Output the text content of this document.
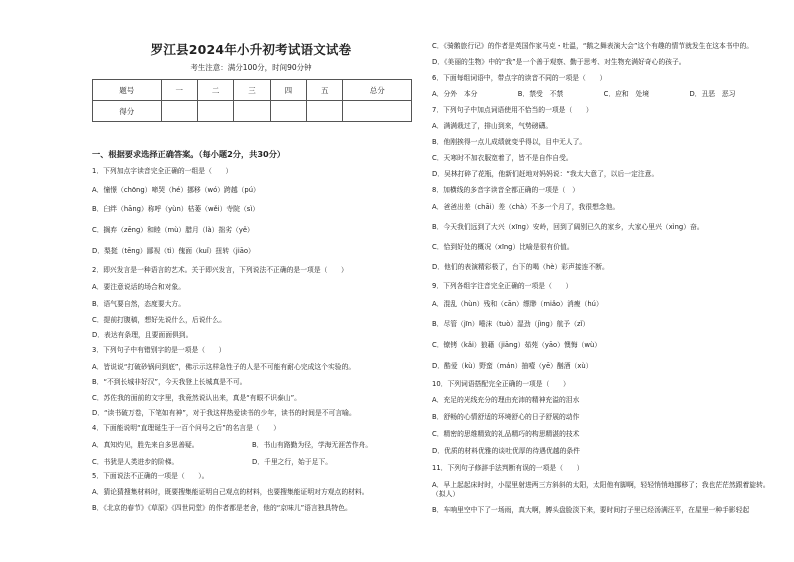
罗江县2024年小升初考试语文试卷
考生注意：满分100分，时间90分钟
题号	一	二	三	四	五	总分
得分						
一、根据要求选择正确答案。（每小题2分，共30分）
1．下列加点字读音完全正确的一组是（　　）
A．憧憬（chōng）啼哭（hé）挪移（wó）跨越（pú）
B．臼绊（hāng）称呼（yùn）枯萎（wěi）寺院（sì）
C．搁弃（zēng）和睦（mù）腊月（là）拙劣（yě）
D．梨挺（tēng）鄙视（tì）傀面（kuǐ）扭转（jiāo）
2．即兴发言是一种语言的艺术。关于即兴发言，下列说法不正确的是一项是（　　）
A．要注意说话的场合和对象。
B．语气要自然，态度要大方。
C．提前打腹稿，想好先说什么，后说什么。
D．表达有条理，且要面面俱到。
3．下列句子中有错别字的是一项是（　　）
A．皆说说“打破砂锅问到底”，佛示示这样急性子的人是不可能有耐心完成这个实验的。
B．“不到长城非好汉”，今天我登上长城真是不可。
C．苏佐我的面前的文字里，我竟然说认出来，真是“有眼不识泰山”。
D．“读书破万卷，下笔如有神”，对于我这样热爱读书的少年，读书的时间是不可言喻。
4．下面能说明“直理诞生于一百个问号之后”的名言是（　　）
A．真知灼见，胜先来自多思善疑。	B．书山有路勤为径，学海无涯苦作舟。
C．书犹是人类进步的阶梯。	D．千里之行，始于足下。
5．下面说法不正确的一项是（　　）。
A．猜论猜搜集材料时，既要搜集能证明自己观点的材料，也要搜集能证明对方观点的材料。
B．《北京的春节》《草原》《四世同堂》的作者都是老舍，他的“京味儿”语言独具特色。
C．《骑鹅旅行记》的作者是英国作家马克・吐温，“鹅之舞表演大会”这个有趣的情节就发生在这本书中的。
D．《美丽的生物》中的“我”是一个善于观察、勤于思考、对生物充满好奇心的孩子。
6．下面每组词语中，带点字的读音不同的一项是（　　）
A．分外　 本分	B．禁受　 不禁	C．应和　 处境	D．丑恶　 恶习
7．下列句子中加点词语使用不恰当的一项是（　　）
A．满满栽过了，排山到来，气势磅礴。
B．他刚挨得一点儿成绩就变乎得以，目中无人了。
C．天寒时不加衣服宽着了，皆不是自作自受。
D．吴林打碎了花瓶，他新们赶地对妈妈说：“我太大意了，以后一定注意。
8．加横线的多音字读音全都正确的一项是（　）
A．爸爸出差（chāi）差（chà）不多一个月了，我很想念他。
B．今天我们远到了大兴（xīng）安岭，回到了阔别已久的家乡，大家心里兴（xìng）奋。
C．恰到好处的概况（xīng）比喻是很有价值。
D．他们的表演精彩极了，台下的喝（hè）彩声接连不断。
9．下列各组字注音完全正确的一项是（　　）
A．混乱（hùn）残和（cān）缥缈（miǎo）消瘦（hú）
B．尽管（jīn）唾沫（tuò）湿劲（jìng）航予（zǐ）
C．镣铐（kǎi）狼藉（jiāng）茹苑（yāo）懊悔（wù）
D．酷爱（kù）野蛮（mán）抽噎（yē）酗酒（xù）
10．下列词语搭配完全正确的一项是（　　）
A．充足的光线充分的理由充沛的精神充溢的泪水
B．舒畅的心情舒适的环境舒心的日子舒展的动作
C．精密的思维精致的礼品精巧的构思精湛的技术
D．优质的材料优雅的谈吐优厚的待遇优越的条件
11．下列句子修辞手法判断有误的一项是（　　）
A．早上起起床时时，小屋里射进两三方斜斜的太阳，太阳他有脚啊，轻轻悄悄地挪移了；我也茫茫然跟着旋转。（拟人）
B．车响里空中下了一场雨，真大啊，膊头盘脸淡下来，要时间打子里已经汤满汪平，在屋里一种手影轻起
